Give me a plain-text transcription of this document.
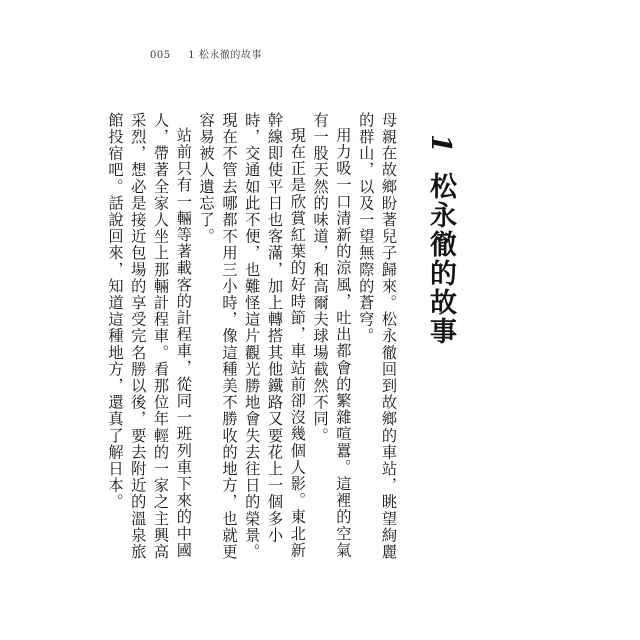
005 1 松永徹的故事
1 松永徹的故事

母親在故鄉盼著兒子歸來。松永徹回到故鄉的車站，眺望絢麗的群山，以及一望無際的蒼穹。

用力吸一口清新的涼風，吐出都會的繁雜喧囂。這裡的空氣有一股天然的味道，和高爾夫球場截然不同。

現在正是欣賞紅葉的好時節，車站前卻沒幾個人影。東北新幹線即使平日也客滿，加上轉搭其他鐵路又要花上一個多小時，交通如此不便，也難怪這片觀光勝地會失去往日的榮景。現在不管去哪都不用三小時，像這種美不勝收的地方，也就更容易被人遺忘了。

站前只有一輛等著載客的計程車，從同一班列車下來的中國人，帶著全家人坐上那輛計程車。看那位年輕的一家之主興高采烈，想必是接近包場的享受完名勝以後，要去附近的溫泉旅館投宿吧。話說回來，知道這種地方，還真了解日本。
